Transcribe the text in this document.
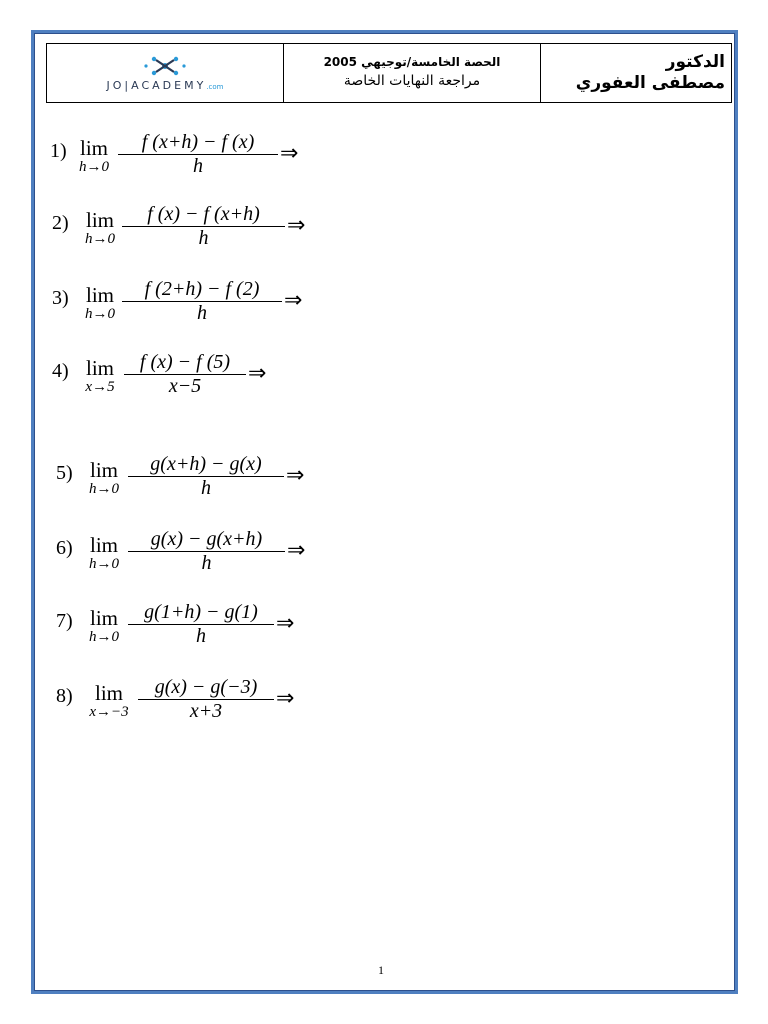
JO|ACADEMY.com

الحصة الخامسة/توجيهي 2005
مراجعة النهايات الخاصة

الدكتور
مصطفى العفوري
1) lim
$h\to 0 \frac{f (x+h) - f (x)}{h}$ ⇒
2) lim
$h\to 0 \frac{f (x) - f (x+h)}{h}$ ⇒
3) lim
$h\to 0 \frac{f (2+h) - f (2)}{h}$ ⇒
4) lim
$x\to 5 \frac{f (x) - f (5)}{x-5}$ ⇒
5) lim
$h\to 0 \frac{g(x+h) - g(x)}{h}$ ⇒
6) lim
$h\to 0 \frac{g(x) - g(x+h)}{h}$ ⇒
7) lim
$h\to 0 \frac{g(1+h) - g(1)}{h}$ ⇒
8)	lim
$x\to-3 \frac{g(x) - g(-3)}{x+3}$ ⇒
1
